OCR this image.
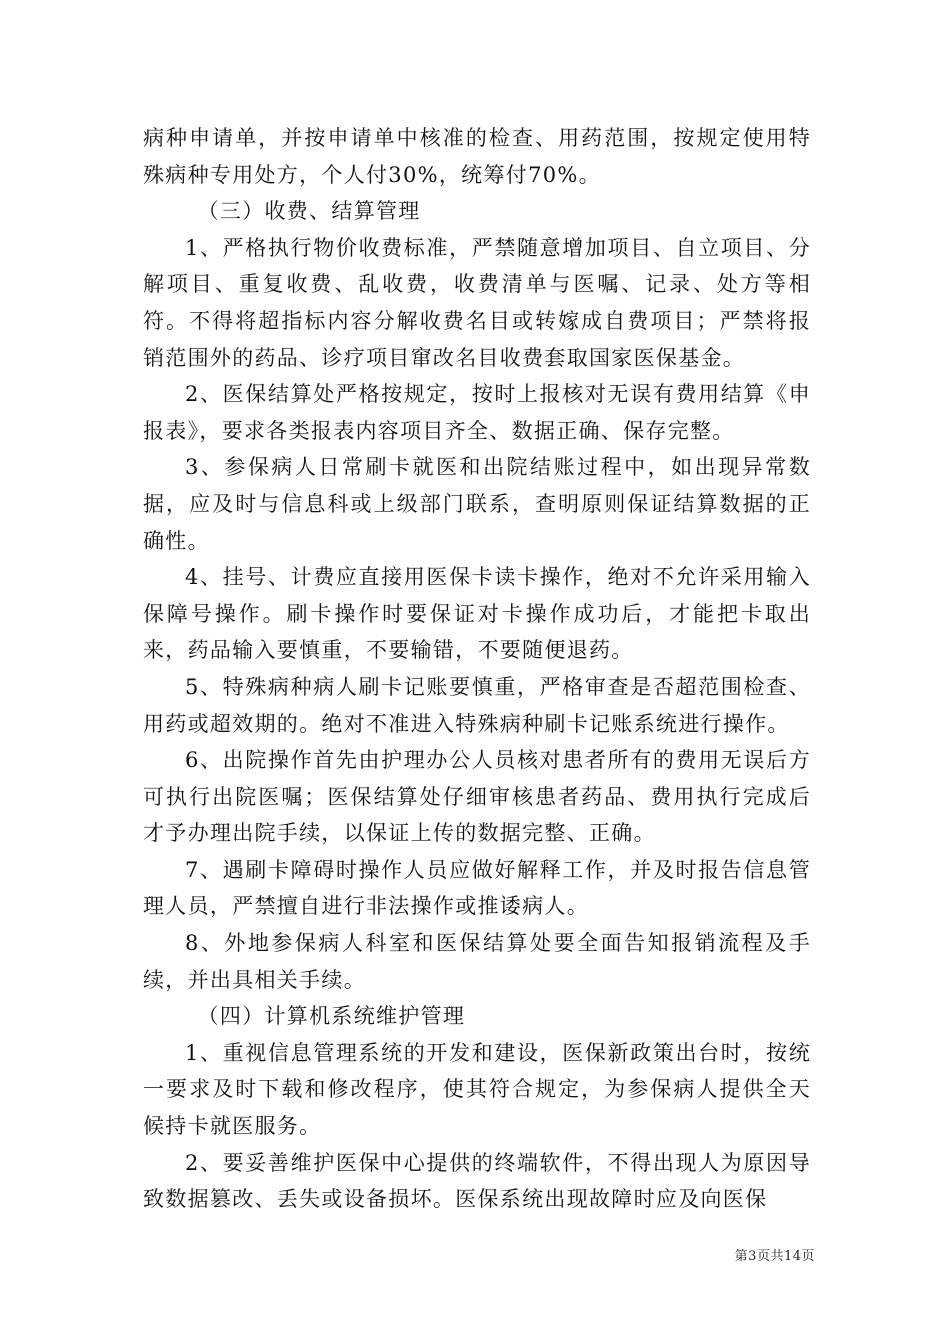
病种申请单，并按申请单中核准的检查、用药范围，按规定使用特殊病种专用处方，个人付30%，统筹付70%。

（三）收费、结算管理

1、严格执行物价收费标准，严禁随意增加项目、自立项目、分解项目、重复收费、乱收费，收费清单与医嘱、记录、处方等相符。不得将超指标内容分解收费名目或转嫁成自费项目；严禁将报销范围外的药品、诊疗项目窜改名目收费套取国家医保基金。

2、医保结算处严格按规定，按时上报核对无误有费用结算《申报表》，要求各类报表内容项目齐全、数据正确、保存完整。

3、参保病人日常刷卡就医和出院结账过程中，如出现异常数据，应及时与信息科或上级部门联系，查明原则保证结算数据的正确性。

4、挂号、计费应直接用医保卡读卡操作，绝对不允许采用输入保障号操作。刷卡操作时要保证对卡操作成功后，才能把卡取出来，药品输入要慎重，不要输错，不要随便退药。

5、特殊病种病人刷卡记账要慎重，严格审查是否超范围检查、用药或超效期的。绝对不准进入特殊病种刷卡记账系统进行操作。

6、出院操作首先由护理办公人员核对患者所有的费用无误后方可执行出院医嘱；医保结算处仔细审核患者药品、费用执行完成后才予办理出院手续，以保证上传的数据完整、正确。

7、遇刷卡障碍时操作人员应做好解释工作，并及时报告信息管理人员，严禁擅自进行非法操作或推诿病人。

8、外地参保病人科室和医保结算处要全面告知报销流程及手续，并出具相关手续。

（四）计算机系统维护管理

1、重视信息管理系统的开发和建设，医保新政策出台时，按统一要求及时下载和修改程序，使其符合规定，为参保病人提供全天候持卡就医服务。

2、要妥善维护医保中心提供的终端软件，不得出现人为原因导致数据篡改、丢失或设备损坏。医保系统出现故障时应及向医保

第3页共14页
